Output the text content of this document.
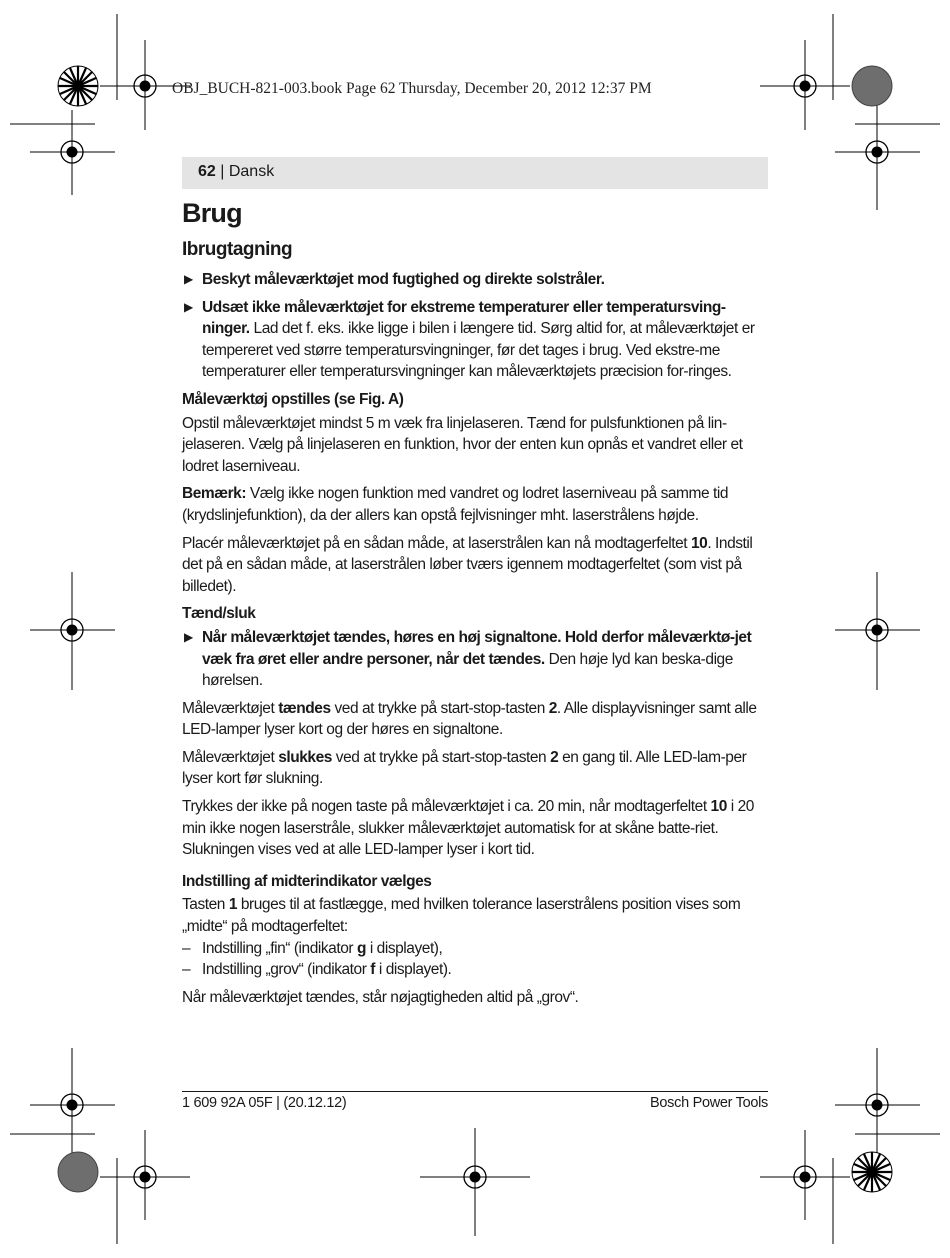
OBJ_BUCH-821-003.book Page 62 Thursday, December 20, 2012 12:37 PM
62 | Dansk
Brug
Ibrugtagning
▶ Beskyt måleværktøjet mod fugtighed og direkte solstråler.
▶ Udsæt ikke måleværktøjet for ekstreme temperaturer eller temperatursving-ninger. Lad det f. eks. ikke ligge i bilen i længere tid. Sørg altid for, at måleværktøjet er tempereret ved større temperatursvingninger, før det tages i brug. Ved ekstre-me temperaturer eller temperatursvingninger kan måleværktøjets præcision for-ringes.
Måleværktøj opstilles (se Fig. A)

Opstil måleværktøjet mindst 5 m væk fra linjelaseren. Tænd for pulsfunktionen på lin-jelaseren. Vælg på linjelaseren en funktion, hvor der enten kun opnås et vandret eller et lodret laserniveau.

Bemærk: Vælg ikke nogen funktion med vandret og lodret laserniveau på samme tid (krydslinjefunktion), da der allers kan opstå fejlvisninger mht. laserstrålens højde.

Placér måleværktøjet på en sådan måde, at laserstrålen kan nå modtagerfeltet 10. Indstil det på en sådan måde, at laserstrålen løber tværs igennem modtagerfeltet (som vist på billedet).

Tænd/sluk
▶ Når måleværktøjet tændes, høres en høj signaltone. Hold derfor måleværktø-jet væk fra øret eller andre personer, når det tændes. Den høje lyd kan beska-dige hørelsen.

Måleværktøjet tændes ved at trykke på start-stop-tasten 2. Alle displayvisninger samt alle LED-lamper lyser kort og der høres en signaltone.

Måleværktøjet slukkes ved at trykke på start-stop-tasten 2 en gang til. Alle LED-lam-per lyser kort før slukning.

Trykkes der ikke på nogen taste på måleværktøjet i ca. 20 min, når modtagerfeltet 10 i 20 min ikke nogen laserstråle, slukker måleværktøjet automatisk for at skåne batte-riet. Slukningen vises ved at alle LED-lamper lyser i kort tid.

Indstilling af midterindikator vælges

Tasten 1 bruges til at fastlægge, med hvilken tolerance laserstrålens position vises som „midte“ på modtagerfeltet:

– Indstilling „fin“ (indikator g i displayet),
– Indstilling „grov“ (indikator f i displayet).

Når måleværktøjet tændes, står nøjagtigheden altid på „grov“.

1 609 92A 05F | (20.12.12)	Bosch Power Tools
